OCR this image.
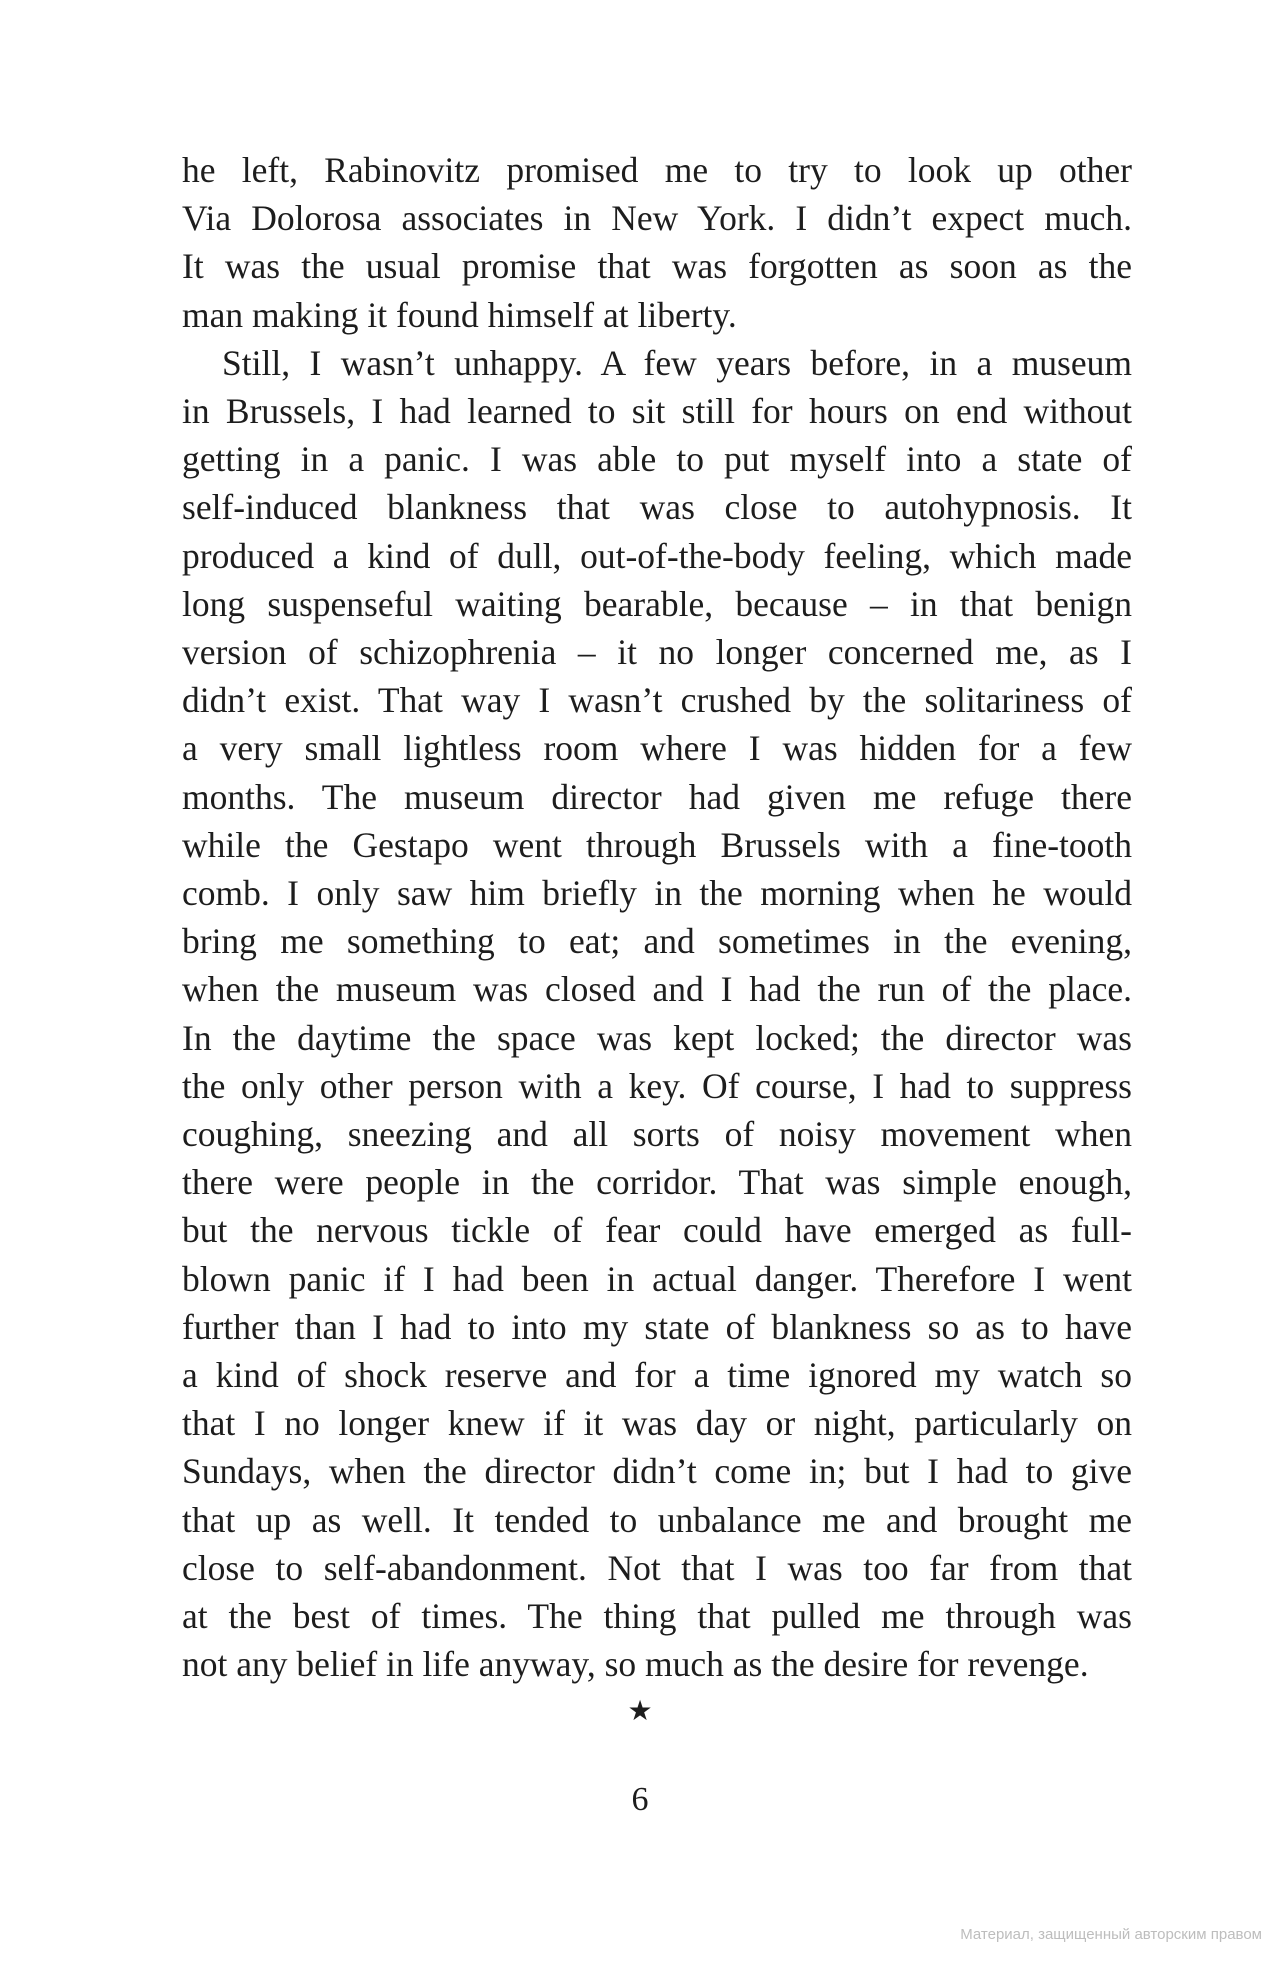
he left, Rabinovitz promised me to try to look up other
Via Dolorosa associates in New York. I didn’t expect much.
It was the usual promise that was forgotten as soon as the
man making it found himself at liberty.

Still, I wasn’t unhappy. A few years before, in a museum
in Brussels, I had learned to sit still for hours on end without
getting in a panic. I was able to put myself into a state of
self-induced blankness that was close to autohypnosis. It
produced a kind of dull, out-of-the-body feeling, which made
long suspenseful waiting bearable, because – in that benign
version of schizophrenia – it no longer concerned me, as I
didn’t exist. That way I wasn’t crushed by the solitariness of
a very small lightless room where I was hidden for a few
months. The museum director had given me refuge there
while the Gestapo went through Brussels with a fine-tooth
comb. I only saw him briefly in the morning when he would
bring me something to eat; and sometimes in the evening,
when the museum was closed and I had the run of the place.
In the daytime the space was kept locked; the director was
the only other person with a key. Of course, I had to suppress
coughing, sneezing and all sorts of noisy movement when
there were people in the corridor. That was simple enough,
but the nervous tickle of fear could have emerged as full-
blown panic if I had been in actual danger. Therefore I went
further than I had to into my state of blankness so as to have
a kind of shock reserve and for a time ignored my watch so
that I no longer knew if it was day or night, particularly on
Sundays, when the director didn’t come in; but I had to give
that up as well. It tended to unbalance me and brought me
close to self-abandonment. Not that I was too far from that
at the best of times. The thing that pulled me through was
not any belief in life anyway, so much as the desire for revenge.

★
6
Материал, защищенный авторским правом
